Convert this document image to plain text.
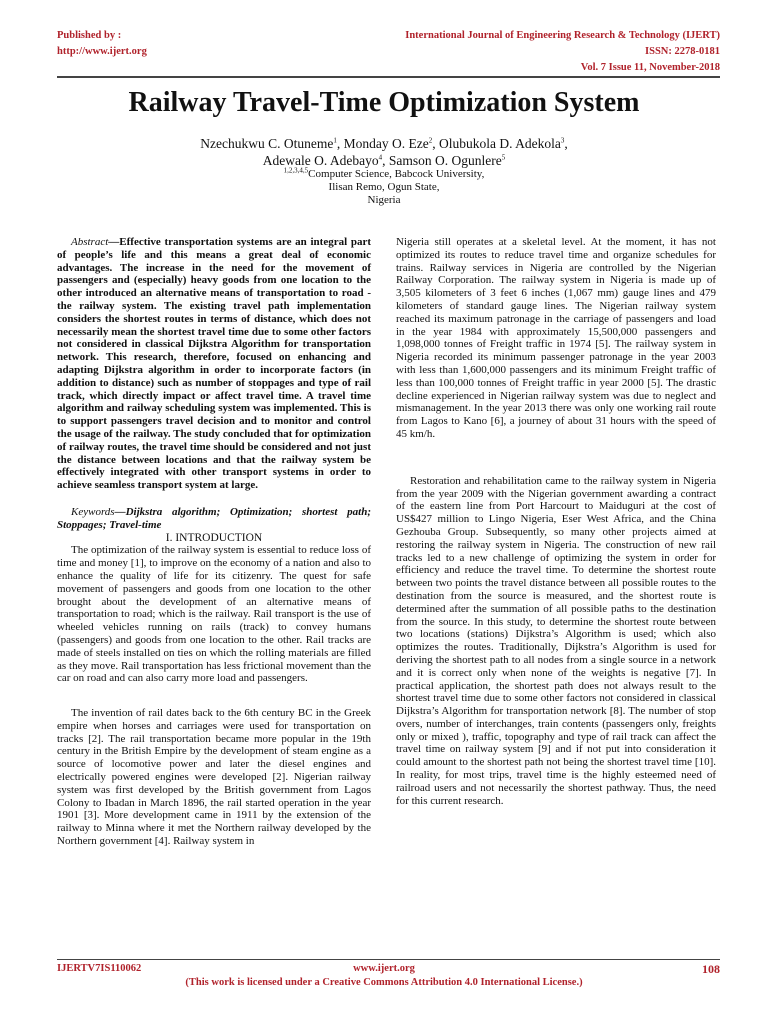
Published by :
http://www.ijert.org
International Journal of Engineering Research & Technology (IJERT)
ISSN: 2278-0181
Vol. 7 Issue 11, November-2018
Railway Travel-Time Optimization System
Nzechukwu C. Otuneme$^1$, Monday O. Eze$^2$, Olubukola D. Adekola$^3$,
Adewale O. Adebayo$^4$, Samson O. Ogunlere$^5$
$^{1,2,3,4,5}$Computer Science, Babcock University,
Ilisan Remo, Ogun State,
Nigeria

Abstract—Effective transportation systems are an integral part of people’s life and this means a great deal of economic advantages. The increase in the need for the movement of passengers and (especially) heavy goods from one location to the other introduced an alternative means of transportation to road - the railway system. The existing travel path implementation considers the shortest routes in terms of distance, which does not necessarily mean the shortest travel time due to some other factors not considered in classical Dijkstra Algorithm for transportation network. This research, therefore, focused on enhancing and adapting Dijkstra algorithm in order to incorporate factors (in addition to distance) such as number of stoppages and type of rail track, which directly impact or affect travel time. A travel time algorithm and railway scheduling system was implemented. This is to support passengers travel decision and to monitor and control the usage of the railway. The study concluded that for optimization of railway routes, the travel time should be considered and not just the distance between locations and that the railway system be effectively integrated with other transport systems in order to achieve seamless transport system at large.

Keywords—Dijkstra algorithm; Optimization; shortest path; Stoppages; Travel-time

I. INTRODUCTION

The optimization of the railway system is essential to reduce loss of time and money [1], to improve on the economy of a nation and also to enhance the quality of life for its citizenry. The quest for safe movement of passengers and goods from one location to the other brought about the development of an alternative means of transportation to road; which is the railway. Rail transport is the use of wheeled vehicles running on rails (track) to convey humans (passengers) and goods from one location to the other. Rail tracks are made of steels installed on ties on which the rolling materials are filled as they move. Rail transportation has less frictional movement than the car on road and can also carry more load and passengers.

The invention of rail dates back to the 6th century BC in the Greek empire when horses and carriages were used for transportation on tracks [2]. The rail transportation became more popular in the 19th century in the British Empire by the development of steam engine as a source of locomotive power and later the diesel engines and electrically powered engines were developed [2]. Nigerian railway system was first developed by the British government from Lagos Colony to Ibadan in March 1896, the rail started operation in the year 1901 [3]. More development came in 1911 by the extension of the railway to Minna where it met the Northern railway developed by the Northern government [4]. Railway system in

Nigeria still operates at a skeletal level. At the moment, it has not optimized its routes to reduce travel time and organize schedules for trains. Railway services in Nigeria are controlled by the Nigerian Railway Corporation. The railway system in Nigeria is made up of 3,505 kilometers of 3 feet 6 inches (1,067 mm) gauge lines and 479 kilometers of standard gauge lines. The Nigerian railway system reached its maximum patronage in the carriage of passengers and load in the year 1984 with approximately 15,500,000 passengers and 1,098,000 tonnes of Freight traffic in 1974 [5]. The railway system in Nigeria recorded its minimum passenger patronage in the year 2003 with less than 1,600,000 passengers and its minimum Freight traffic of less than 100,000 tonnes of Freight traffic in year 2000 [5]. The drastic decline experienced in Nigerian railway system was due to neglect and mismanagement. In the year 2013 there was only one working rail route from Lagos to Kano [6], a journey of about 31 hours with the speed of 45 km/h.

Restoration and rehabilitation came to the railway system in Nigeria from the year 2009 with the Nigerian government awarding a contract of the eastern line from Port Harcourt to Maiduguri at the cost of US$427 million to Lingo Nigeria, Eser West Africa, and the China Gezhouba Group. Subsequently, so many other projects aimed at restoring the railway system in Nigeria. The construction of new rail tracks led to a new challenge of optimizing the system in order for efficiency and reduce the travel time. To determine the shortest route between two points the travel distance between all possible routes to the destination from the source is measured, and the shortest route is determined after the summation of all possible paths to the destination from the source. In this study, to determine the shortest route between two locations (stations) Dijkstra’s Algorithm is used; which also optimizes the routes. Traditionally, Dijkstra’s Algorithm is used for deriving the shortest path to all nodes from a single source in a network and it is correct only when none of the weights is negative [7]. In practical application, the shortest path does not always result to the shortest travel time due to some other factors not considered in classical Dijkstra’s Algorithm for transportation network [8]. The number of stop overs, number of interchanges, train contents (passengers only, freights only or mixed ), traffic, topography and type of rail track can affect the travel time on railway system [9] and if not put into consideration it could amount to the shortest path not being the shortest travel time [10]. In reality, for most trips, travel time is the highly esteemed need of railroad users and not necessarily the shortest pathway. Thus, the need for this current research.

IJERTV7IS110062	www.ijert.org
(This work is licensed under a Creative Commons Attribution 4.0 International License.)
108
